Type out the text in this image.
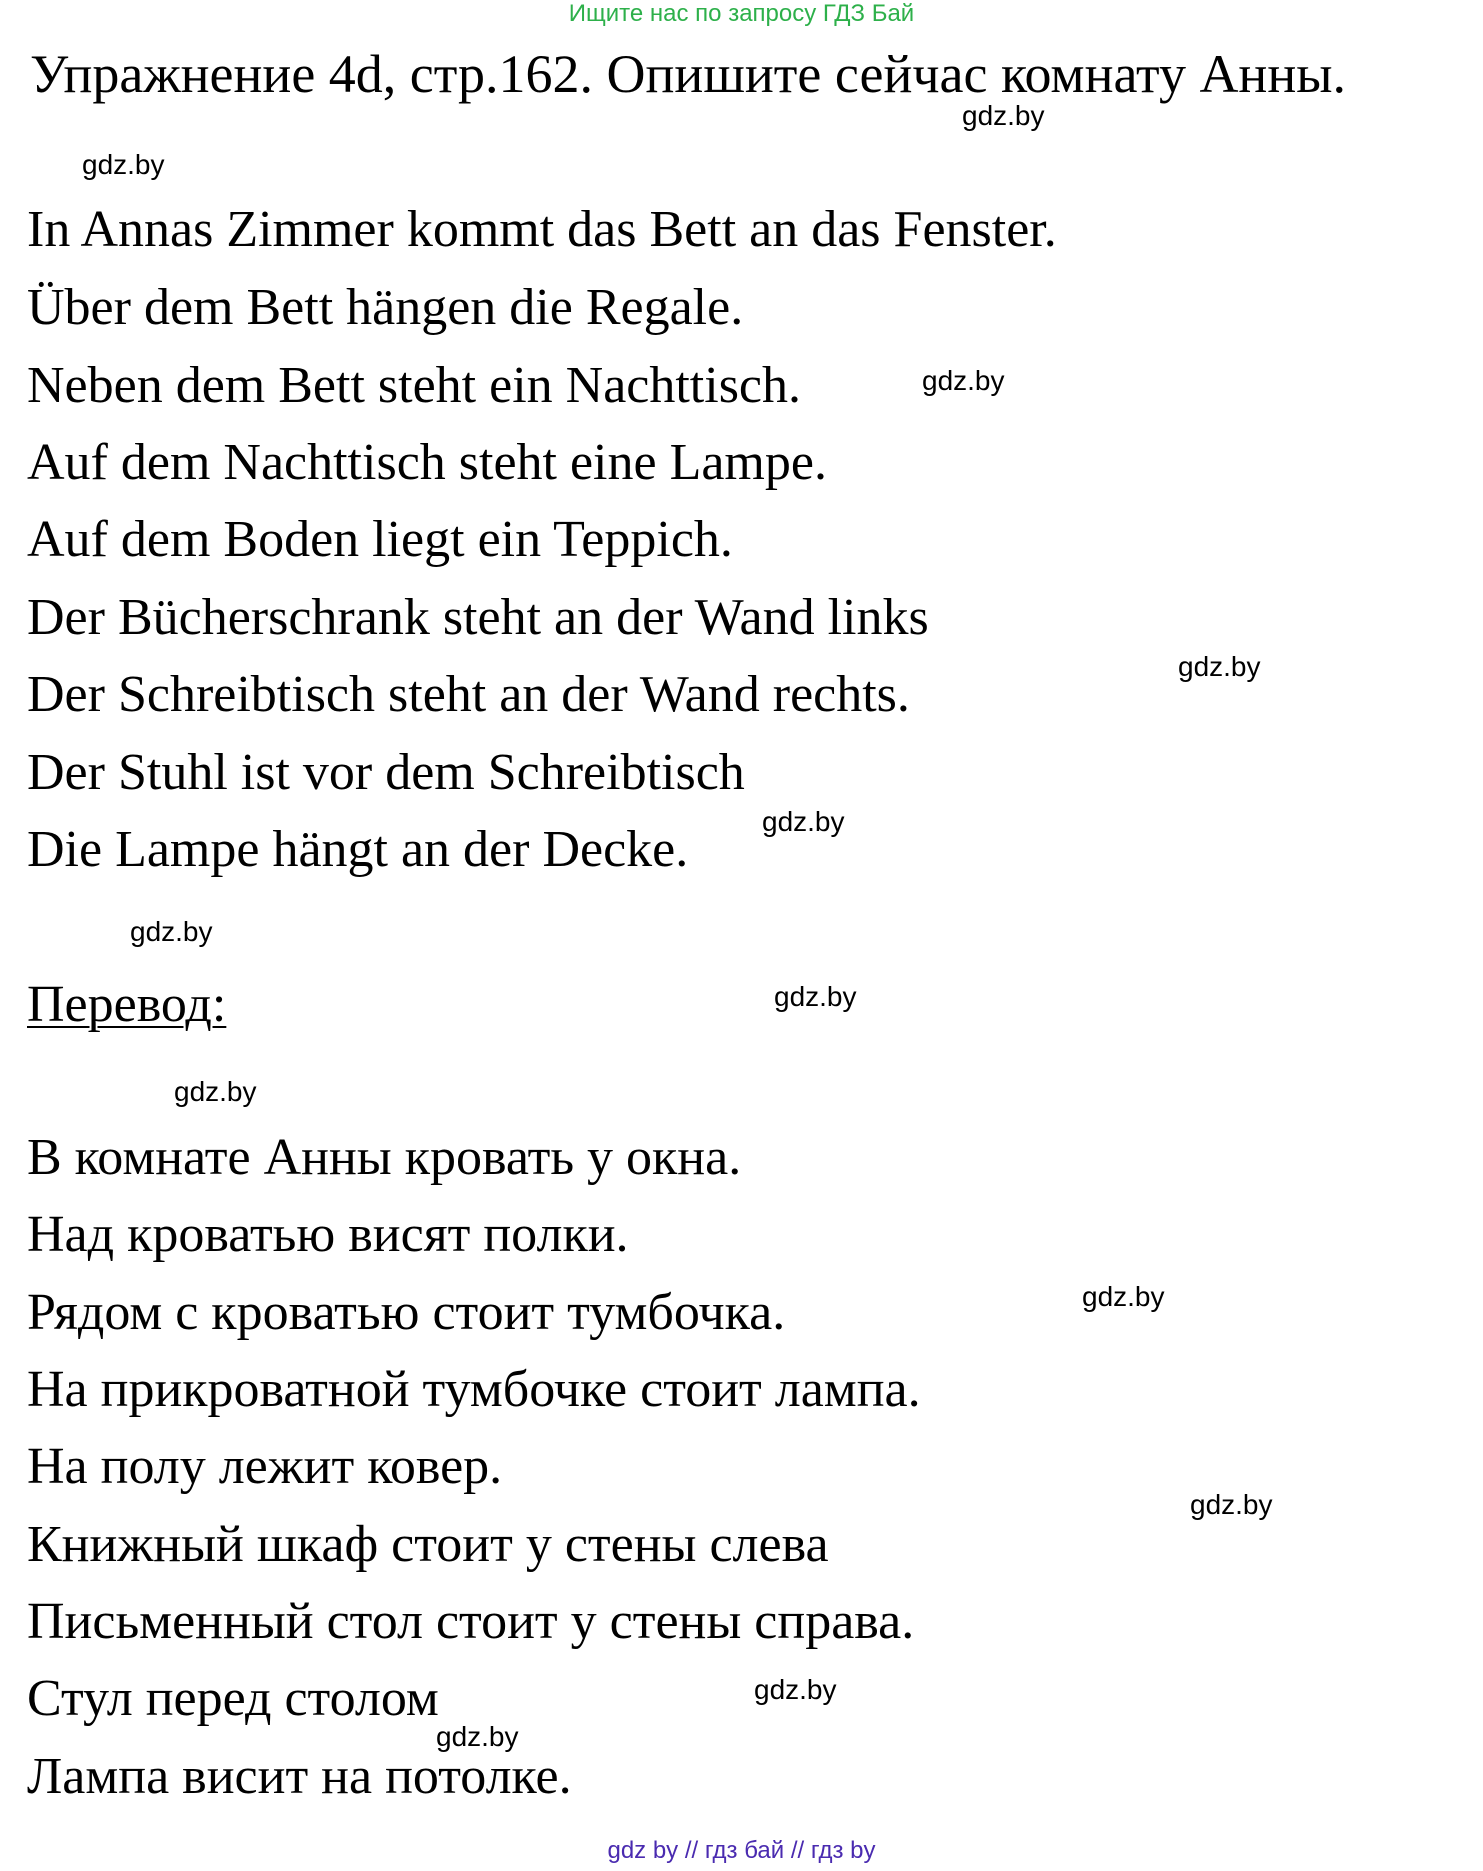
Ищите нас по запросу ГДЗ Бай
Упражнение 4d, стр.162. Опишите сейчас комнату Анны.
In Annas Zimmer kommt das Bett an das Fenster.
Über dem Bett hängen die Regale.
Neben dem Bett steht ein Nachttisch.
Auf dem Nachttisch steht eine Lampe.
Auf dem Boden liegt ein Teppich.
Der Bücherschrank steht an der Wand links
Der Schreibtisch steht an der Wand rechts.
Der Stuhl ist vor dem Schreibtisch
Die Lampe hängt an der Decke.
Перевод:
В комнате Анны кровать у окна.
Над кроватью висят полки.
Рядом с кроватью стоит тумбочка.
На прикроватной тумбочке стоит лампа.
На полу лежит ковер.
Книжный шкаф стоит у стены слева
Письменный стол стоит у стены справа.
Стул перед столом
Лампа висит на потолке.
gdz.by
gdz.by
gdz.by
gdz.by
gdz.by
gdz.by
gdz.by
gdz.by
gdz.by
gdz.by
gdz.by
gdz.by
gdz by // гдз бай // гдз by
